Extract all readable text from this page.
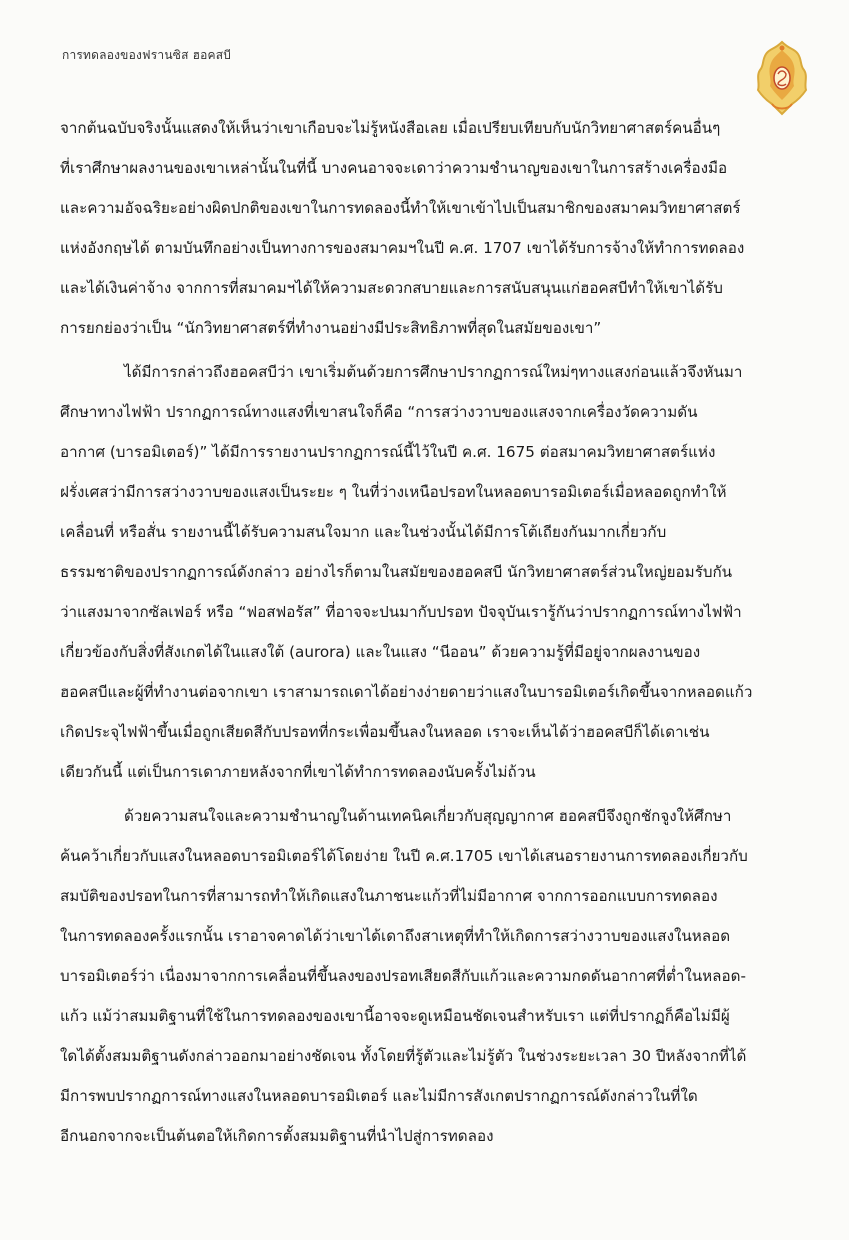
การทดลองของฟรานซิส ฮอคสบี
จากต้นฉบับจริงนั้นแสดงให้เห็นว่าเขาเกือบจะไม่รู้หนังสือเลย เมื่อเปรียบเทียบกับนักวิทยาศาสตร์คนอื่นๆ
ที่เราศึกษาผลงานของเขาเหล่านั้นในที่นี้ บางคนอาจจะเดาว่าความชำนาญของเขาในการสร้างเครื่องมือ
และความอัจฉริยะอย่างผิดปกติของเขาในการทดลองนี้ทำให้เขาเข้าไปเป็นสมาชิกของสมาคมวิทยาศาสตร์
แห่งอังกฤษได้ ตามบันทึกอย่างเป็นทางการของสมาคมฯในปี ค.ศ. 1707 เขาได้รับการจ้างให้ทำการทดลอง
และได้เงินค่าจ้าง จากการที่สมาคมฯได้ให้ความสะดวกสบายและการสนับสนุนแก่ฮอคสบีทำให้เขาได้รับ
การยกย่องว่าเป็น “นักวิทยาศาสตร์ที่ทำงานอย่างมีประสิทธิภาพที่สุดในสมัยของเขา”
ได้มีการกล่าวถึงฮอคสบีว่า เขาเริ่มต้นด้วยการศึกษาปรากฏการณ์ใหม่ๆทางแสงก่อนแล้วจึงหันมา
ศึกษาทางไฟฟ้า ปรากฏการณ์ทางแสงที่เขาสนใจก็คือ “การสว่างวาบของแสงจากเครื่องวัดความดัน
อากาศ (บารอมิเตอร์)” ได้มีการรายงานปรากฏการณ์นี้ไว้ในปี ค.ศ. 1675 ต่อสมาคมวิทยาศาสตร์แห่ง
ฝรั่งเศสว่ามีการสว่างวาบของแสงเป็นระยะ ๆ ในที่ว่างเหนือปรอทในหลอดบารอมิเตอร์เมื่อหลอดถูกทำให้
เคลื่อนที่ หรือสั่น รายงานนี้ได้รับความสนใจมาก และในช่วงนั้นได้มีการโต้เถียงกันมากเกี่ยวกับ
ธรรมชาติของปรากฏการณ์ดังกล่าว อย่างไรก็ตามในสมัยของฮอคสบี นักวิทยาศาสตร์ส่วนใหญ่ยอมรับกัน
ว่าแสงมาจากซัลเฟอร์ หรือ “ฟอสฟอรัส” ที่อาจจะปนมากับปรอท ปัจจุบันเรารู้กันว่าปรากฏการณ์ทางไฟฟ้า
เกี่ยวข้องกับสิ่งที่สังเกตได้ในแสงใต้ (aurora) และในแสง “นีออน” ด้วยความรู้ที่มีอยู่จากผลงานของ
ฮอคสบีและผู้ที่ทำงานต่อจากเขา เราสามารถเดาได้อย่างง่ายดายว่าแสงในบารอมิเตอร์เกิดขึ้นจากหลอดแก้ว
เกิดประจุไฟฟ้าขึ้นเมื่อถูกเสียดสีกับปรอทที่กระเพื่อมขึ้นลงในหลอด เราจะเห็นได้ว่าฮอคสบีก็ได้เดาเช่น
เดียวกันนี้ แต่เป็นการเดาภายหลังจากที่เขาได้ทำการทดลองนับครั้งไม่ถ้วน
ด้วยความสนใจและความชำนาญในด้านเทคนิคเกี่ยวกับสุญญากาศ ฮอคสบีจึงถูกชักจูงให้ศึกษา
ค้นคว้าเกี่ยวกับแสงในหลอดบารอมิเตอร์ได้โดยง่าย ในปี ค.ศ.1705 เขาได้เสนอรายงานการทดลองเกี่ยวกับ
สมบัติของปรอทในการที่สามารถทำให้เกิดแสงในภาชนะแก้วที่ไม่มีอากาศ จากการออกแบบการทดลอง
ในการทดลองครั้งแรกนั้น เราอาจคาดได้ว่าเขาได้เดาถึงสาเหตุที่ทำให้เกิดการสว่างวาบของแสงในหลอด
บารอมิเตอร์ว่า เนื่องมาจากการเคลื่อนที่ขึ้นลงของปรอทเสียดสีกับแก้วและความกดดันอากาศที่ต่ำในหลอด-
แก้ว แม้ว่าสมมติฐานที่ใช้ในการทดลองของเขานี้อาจจะดูเหมือนชัดเจนสำหรับเรา แต่ที่ปรากฏก็คือไม่มีผู้
ใดได้ตั้งสมมติฐานดังกล่าวออกมาอย่างชัดเจน ทั้งโดยที่รู้ตัวและไม่รู้ตัว ในช่วงระยะเวลา 30 ปีหลังจากที่ได้
มีการพบปรากฏการณ์ทางแสงในหลอดบารอมิเตอร์ และไม่มีการสังเกตปรากฏการณ์ดังกล่าวในที่ใด
อีกนอกจากจะเป็นต้นตอให้เกิดการตั้งสมมติฐานที่นำไปสู่การทดลอง
